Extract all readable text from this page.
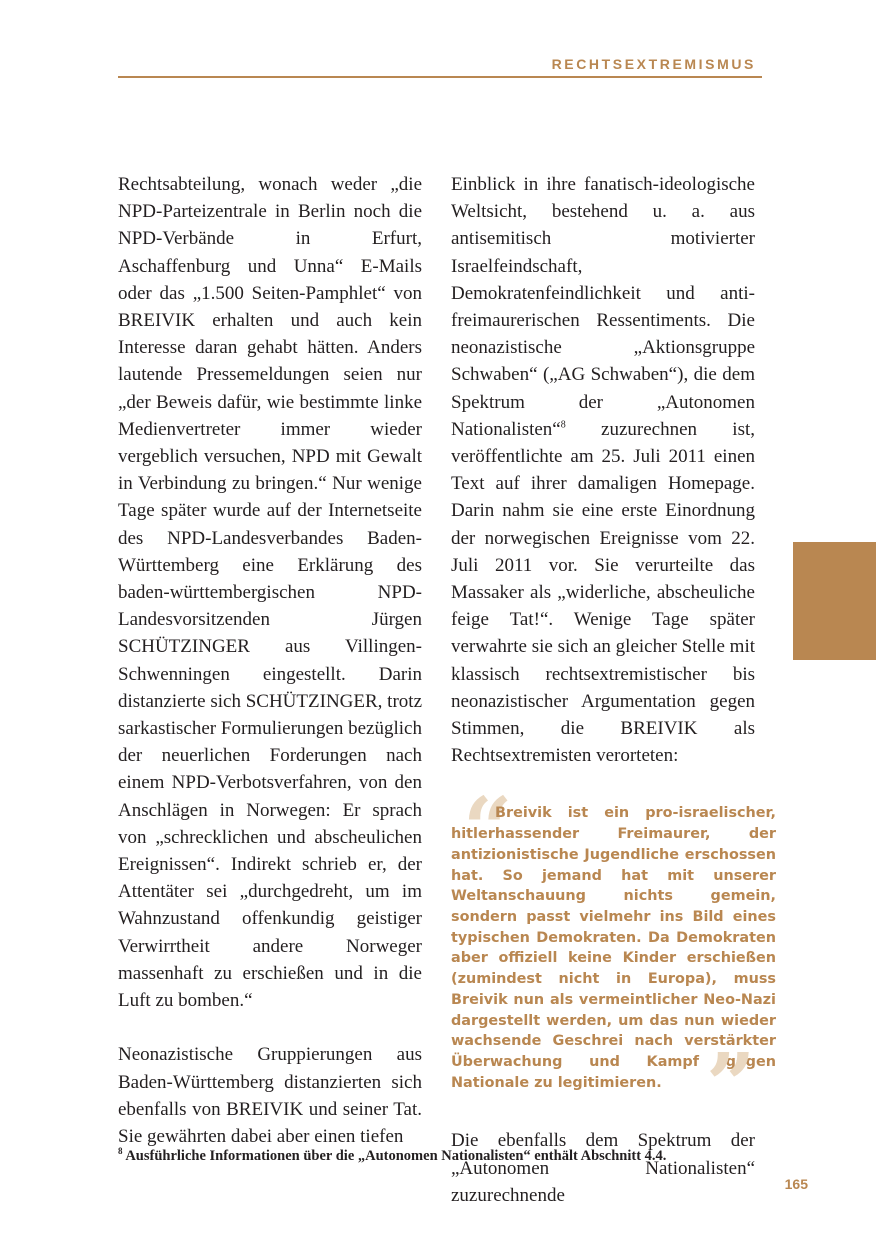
RECHTSEXTREMISMUS

Rechtsabteilung, wonach weder „die NPD-Parteizentrale in Berlin noch die NPD-Verbände in Erfurt, Aschaffenburg und Unna“ E-Mails oder das „1.500 Seiten-Pamphlet“ von BREIVIK erhalten und auch kein Interesse daran gehabt hätten. Anders lautende Pressemeldungen seien nur „der Beweis dafür, wie bestimmte linke Medienvertreter immer wieder vergeblich versuchen, NPD mit Gewalt in Verbindung zu bringen.“ Nur wenige Tage später wurde auf der Internetseite des NPD-Landesverbandes Baden-Württemberg eine Erklärung des baden-württembergischen NPD-Landesvorsitzenden Jürgen SCHÜTZINGER aus Villingen-Schwenningen eingestellt. Darin distanzierte sich SCHÜTZINGER, trotz sarkastischer Formulierungen bezüglich der neuerlichen Forderungen nach einem NPD-Verbotsverfahren, von den Anschlägen in Norwegen: Er sprach von „schrecklichen und abscheulichen Ereignissen“. Indirekt schrieb er, der Attentäter sei „durchgedreht, um im Wahnzustand offenkundig geistiger Verwirrtheit andere Norweger massenhaft zu erschießen und in die Luft zu bomben.“

Neonazistische Gruppierungen aus Baden-Württemberg distanzierten sich ebenfalls von BREIVIK und seiner Tat. Sie gewährten dabei aber einen tiefen

Einblick in ihre fanatisch-ideologische Weltsicht, bestehend u. a. aus antisemitisch motivierter Israelfeindschaft, Demokratenfeindlichkeit und anti-freimaurerischen Ressentiments. Die neonazistische „Aktionsgruppe Schwaben“ („AG Schwaben“), die dem Spektrum der „Autonomen Nationalisten“$^8$ zuzurechnen ist, veröffentlichte am 25. Juli 2011 einen Text auf ihrer damaligen Homepage. Darin nahm sie eine erste Einordnung der norwegischen Ereignisse vom 22. Juli 2011 vor. Sie verurteilte das Massaker als „widerliche, abscheuliche feige Tat!“. Wenige Tage später verwahrte sie sich an gleicher Stelle mit klassisch rechtsextremistischer bis neonazistischer Argumentation gegen Stimmen, die BREIVIK als Rechtsextremisten verorteten:

“

Breivik ist ein pro-israelischer, hitlerhassender Freimaurer, der antizionistische Jugendliche erschossen hat. So jemand hat mit unserer Weltanschauung nichts gemein, sondern passt vielmehr ins Bild eines typischen Demokraten. Da Demokraten aber offiziell keine Kinder erschießen (zumindest nicht in Europa), muss Breivik nun als vermeintlicher Neo-Nazi dargestellt werden, um das nun wieder wachsende Geschrei nach verstärkter Überwachung und Kampf gegen Nationale zu legitimieren. ”

Die ebenfalls dem Spektrum der „Autonomen Nationalisten“ zuzurechnende

$^8$ Ausführliche Informationen über die „Autonomen Nationalisten“ enthält Abschnitt 4.4.
165
